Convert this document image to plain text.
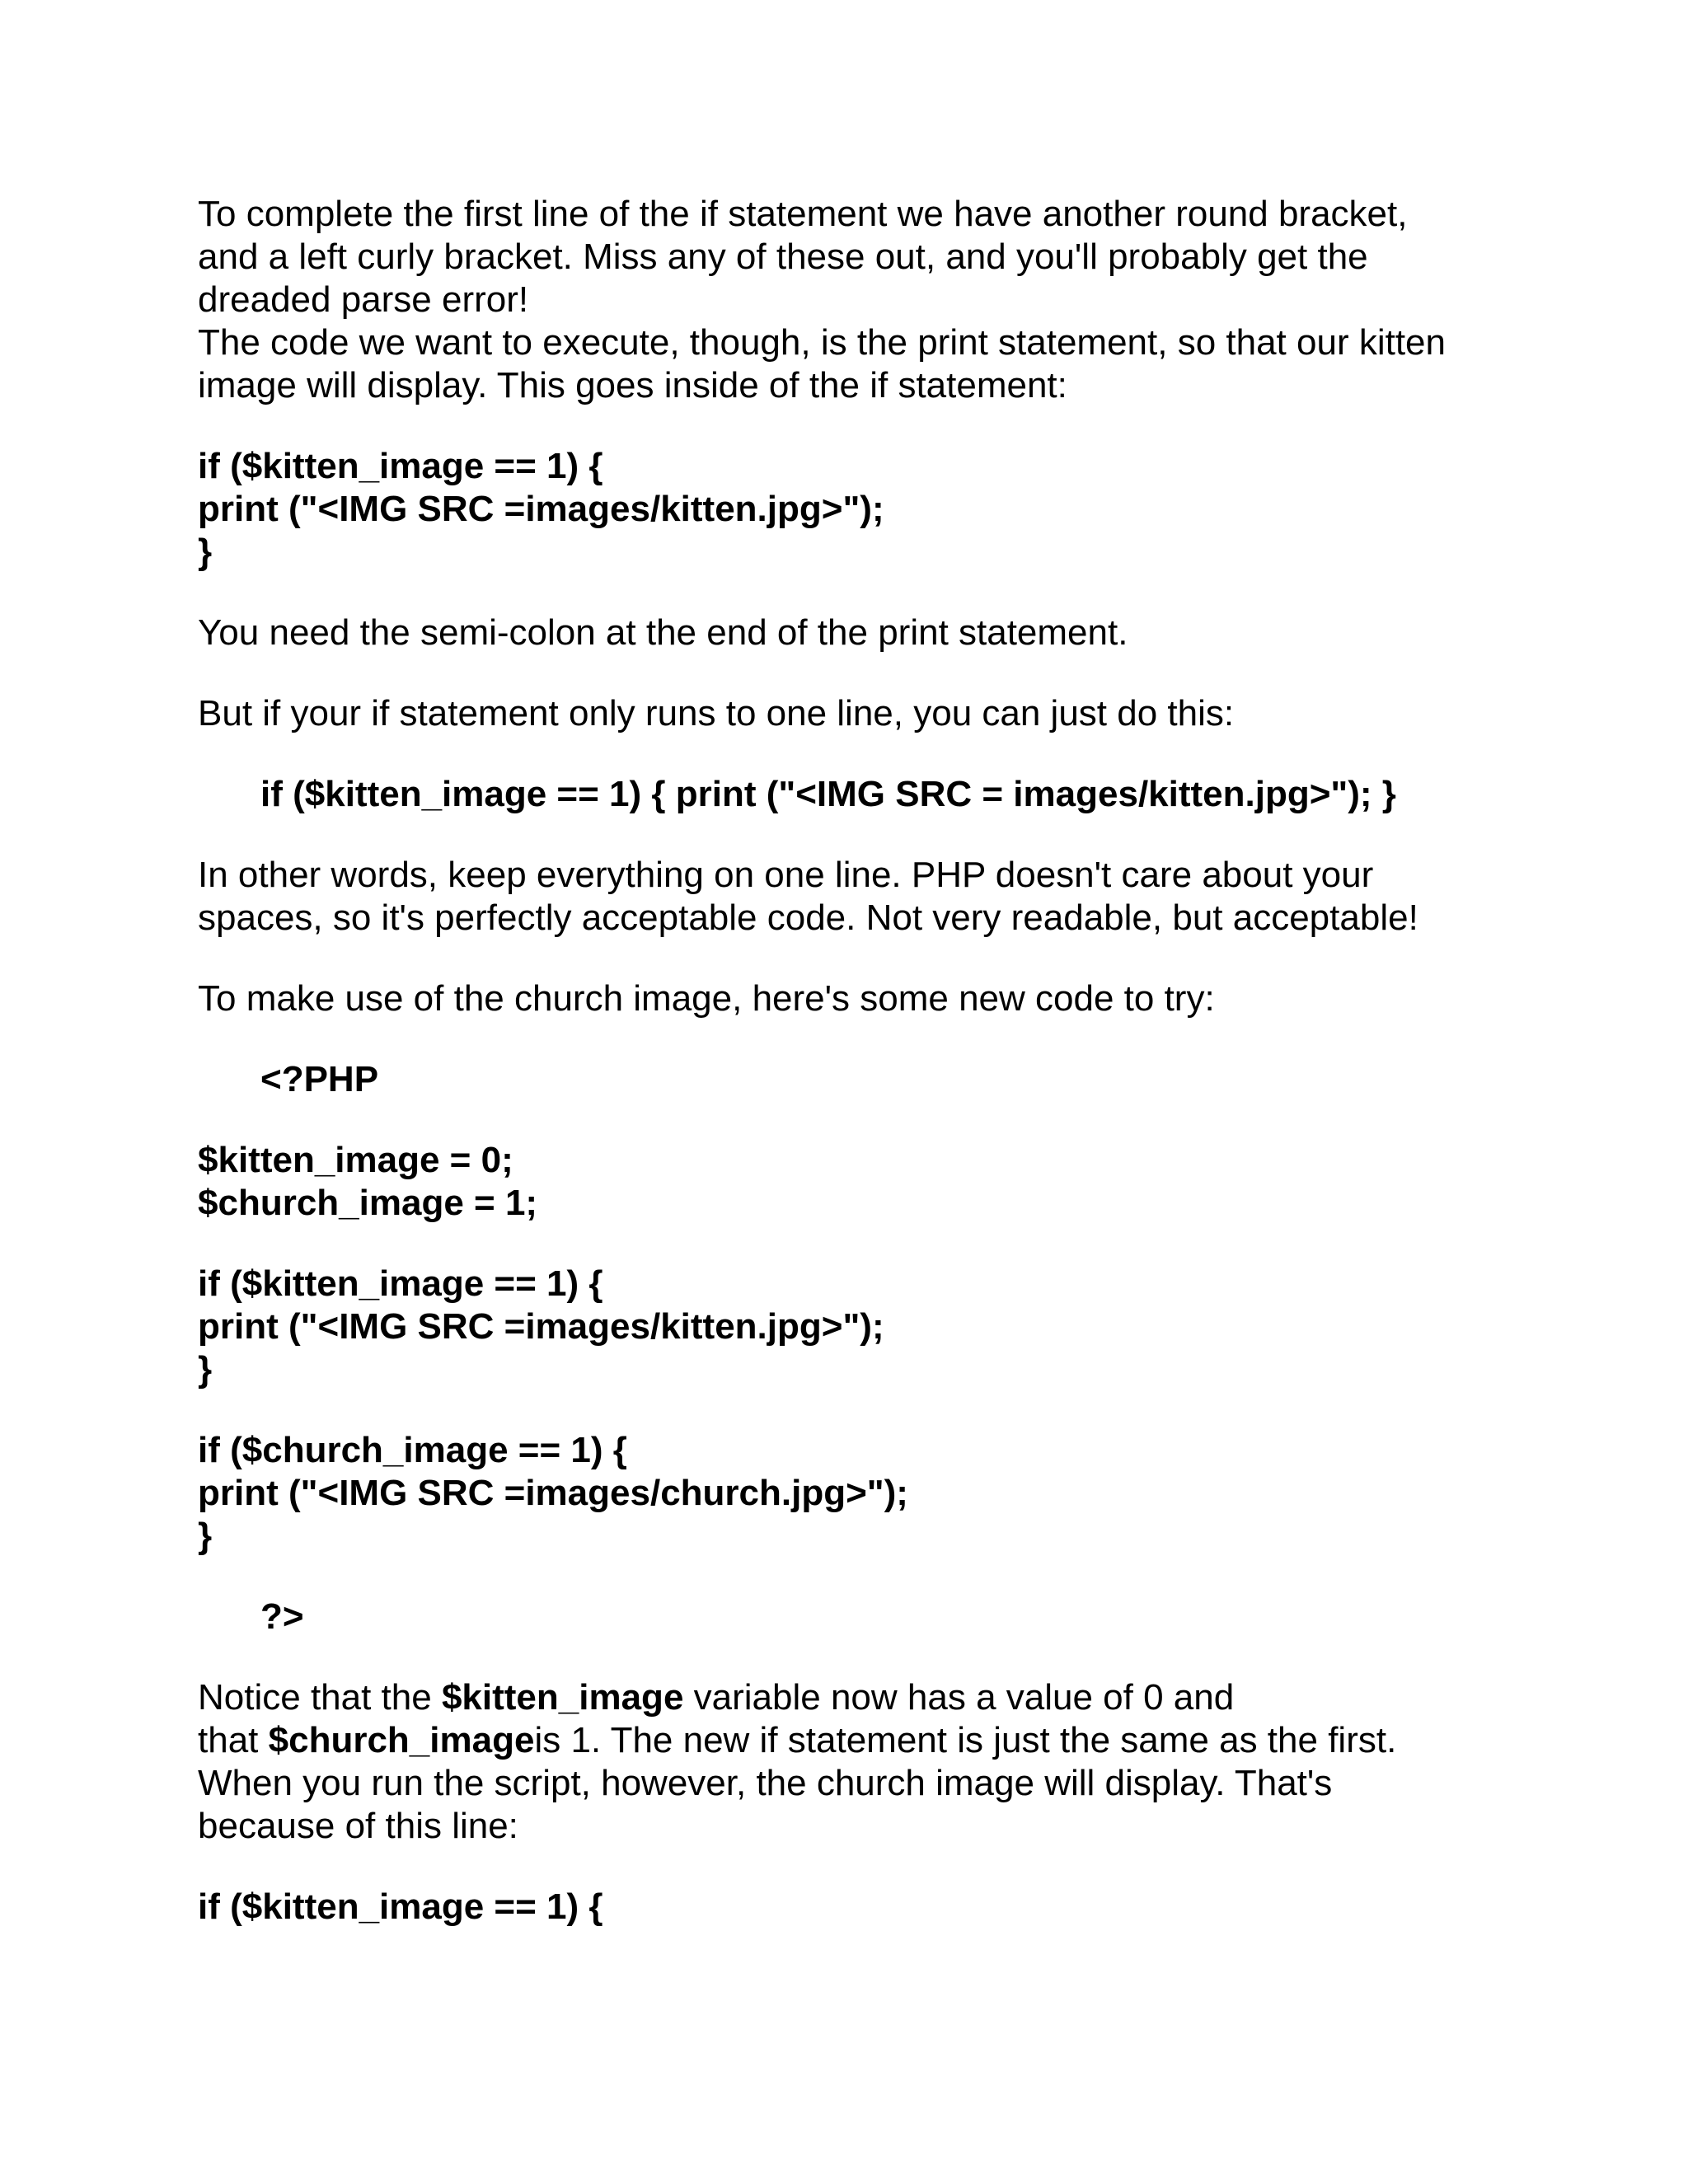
To complete the first line of the if statement we have another round bracket,
and a left curly bracket. Miss any of these out, and you'll probably get the
dreaded parse error!
The code we want to execute, though, is the print statement, so that our kitten
image will display. This goes inside of the if statement:
if ($kitten_image == 1) {
print ("<IMG SRC =images/kitten.jpg>");
}
You need the semi-colon at the end of the print statement.
But if your if statement only runs to one line, you can just do this:
if ($kitten_image == 1) { print ("<IMG SRC = images/kitten.jpg>"); }
In other words, keep everything on one line. PHP doesn't care about your
spaces, so it's perfectly acceptable code. Not very readable, but acceptable!
To make use of the church image, here's some new code to try:
<?PHP
$kitten_image = 0;
$church_image = 1;
if ($kitten_image == 1) {
print ("<IMG SRC =images/kitten.jpg>");
}
if ($church_image == 1) {
print ("<IMG SRC =images/church.jpg>");
}
?>
Notice that the $kitten_image variable now has a value of 0 and
that $church_imageis 1. The new if statement is just the same as the first.
When you run the script, however, the church image will display. That's
because of this line:
if ($kitten_image == 1) {
